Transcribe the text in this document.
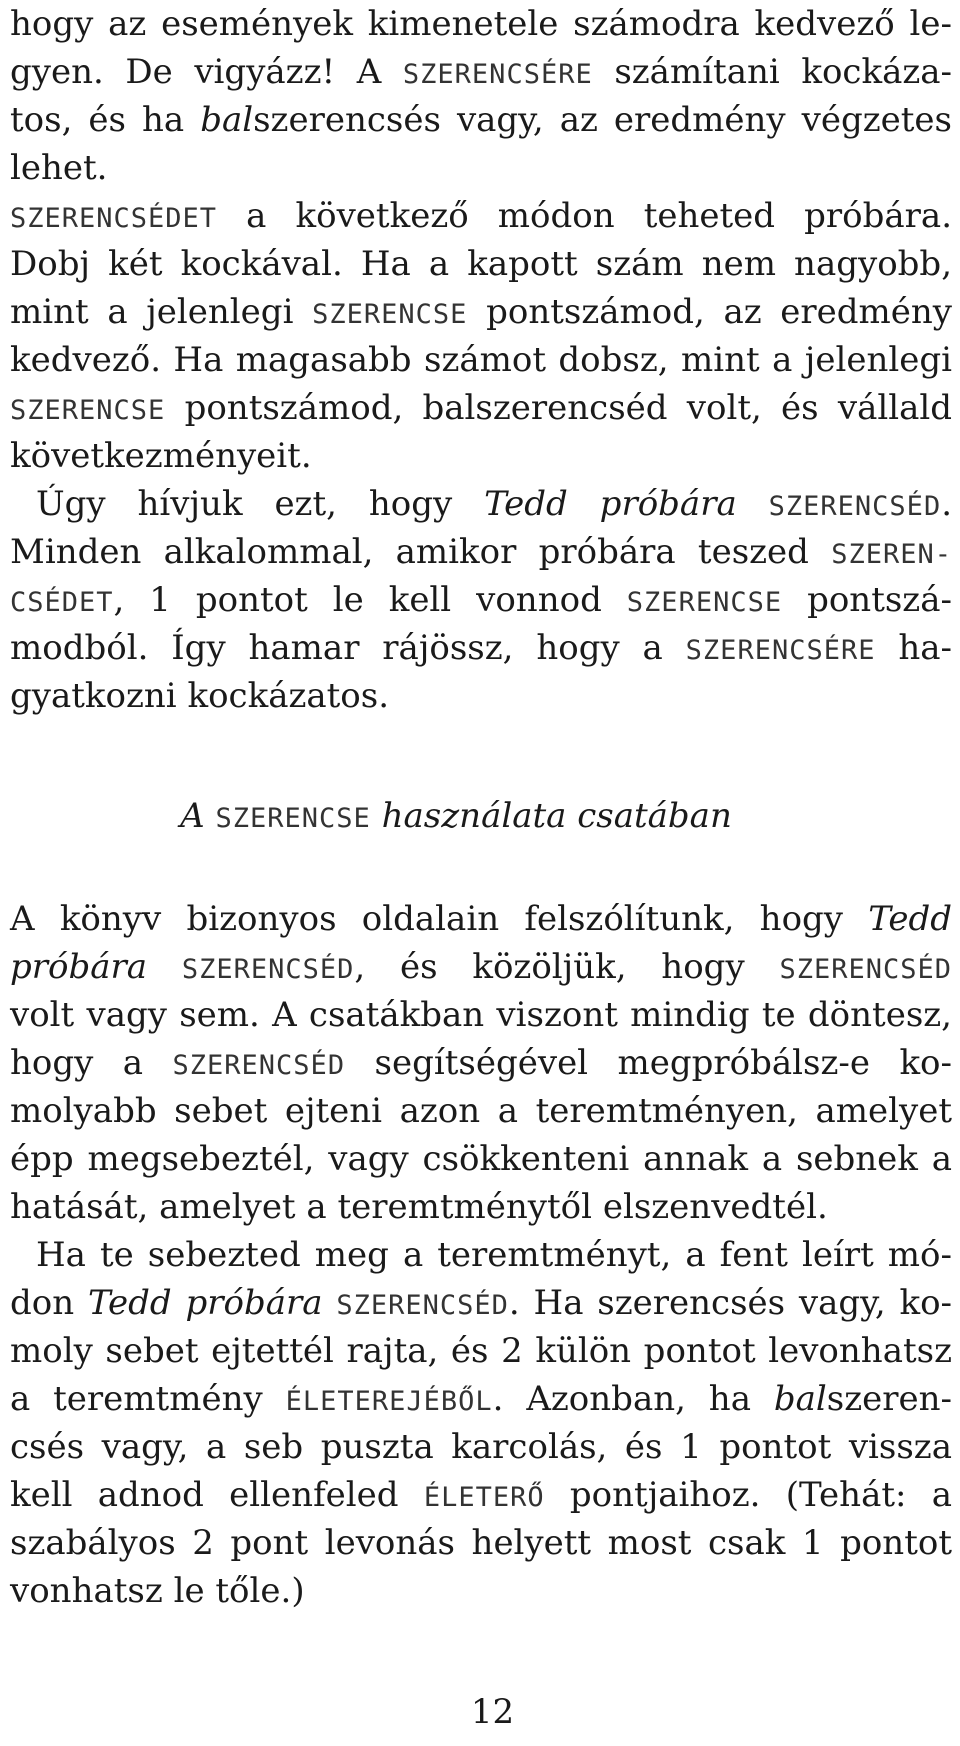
hogy az események kimenetele számodra kedvező le-
gyen. De vigyázz! A SZERENCSÉRE számítani kockáza-
tos, és ha balszerencsés vagy, az eredmény végzetes
lehet.
SZERENCSÉDET a következő módon teheted próbára.
Dobj két kockával. Ha a kapott szám nem nagyobb,
mint a jelenlegi SZERENCSE pontszámod, az eredmény
kedvező. Ha magasabb számot dobsz, mint a jelenlegi
SZERENCSE pontszámod, balszerencséd volt, és vállald
következményeit.
Úgy hívjuk ezt, hogy Tedd próbára SZERENCSÉD.
Minden alkalommal, amikor próbára teszed SZEREN-
CSÉDET, 1 pontot le kell vonnod SZERENCSE pontszá-
modból. Így hamar rájössz, hogy a SZERENCSÉRE ha-
gyatkozni kockázatos.
A SZERENCSE használata csatában
A könyv bizonyos oldalain felszólítunk, hogy Tedd
próbára SZERENCSÉD, és közöljük, hogy SZERENCSÉD
volt vagy sem. A csatákban viszont mindig te döntesz,
hogy a SZERENCSÉD segítségével megpróbálsz-e ko-
molyabb sebet ejteni azon a teremtményen, amelyet
épp megsebeztél, vagy csökkenteni annak a sebnek a
hatását, amelyet a teremtménytől elszenvedtél.
Ha te sebezted meg a teremtményt, a fent leírt mó-
don Tedd próbára SZERENCSÉD. Ha szerencsés vagy, ko-
moly sebet ejtettél rajta, és 2 külön pontot levonhatsz
a teremtmény ÉLETEREJÉBŐL. Azonban, ha balszeren-
csés vagy, a seb puszta karcolás, és 1 pontot vissza
kell adnod ellenfeled ÉLETERŐ pontjaihoz. (Tehát: a
szabályos 2 pont levonás helyett most csak 1 pontot
vonhatsz le tőle.)
12
